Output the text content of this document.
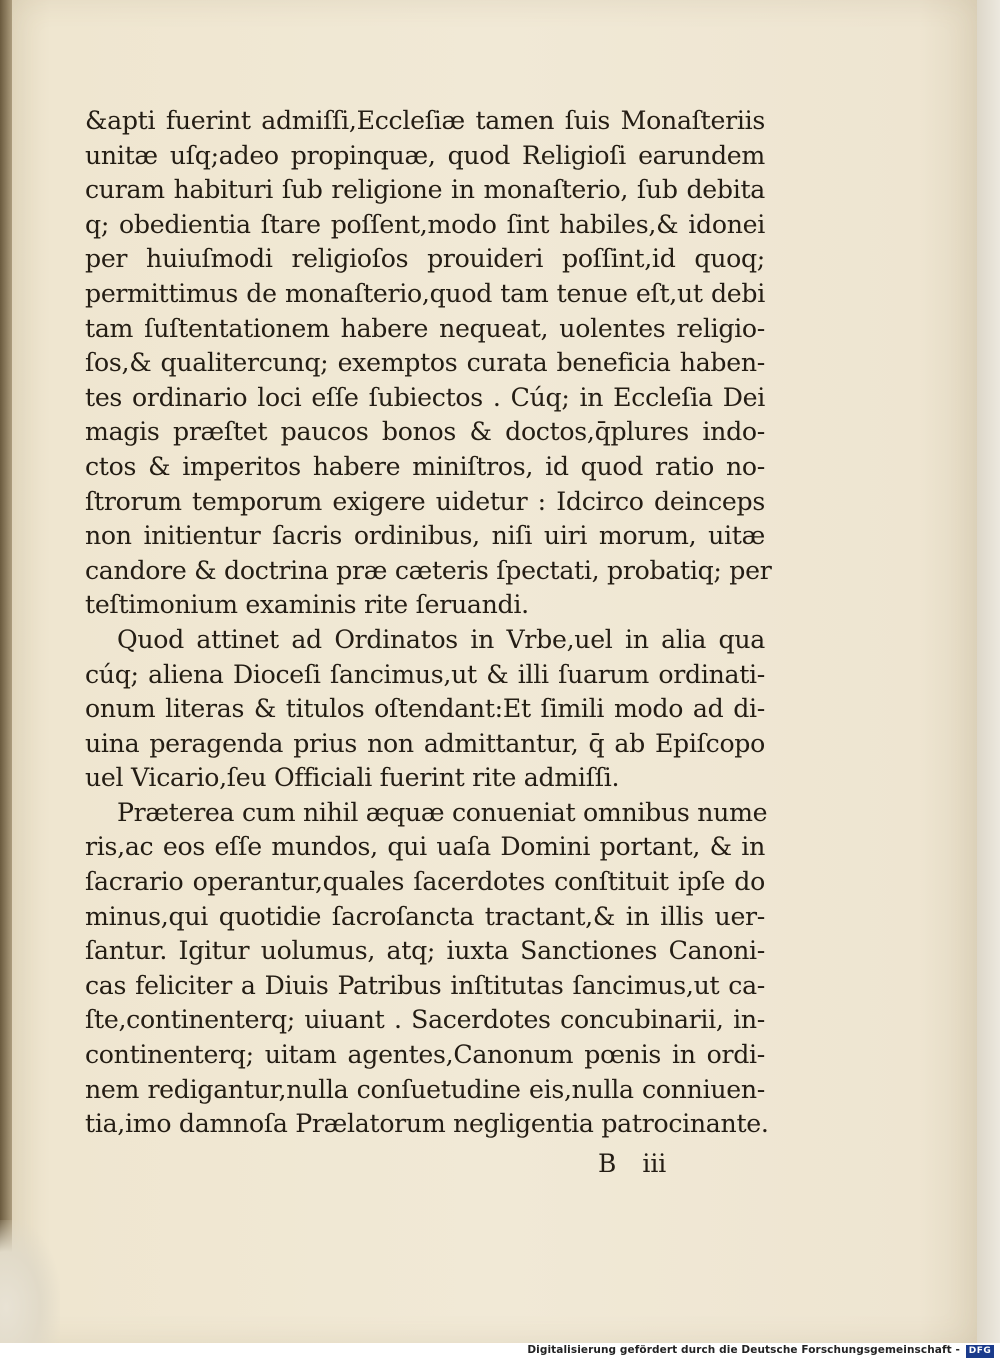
&apti fuerint admiſſi,Eccleſiæ tamen ſuis Monaſteriis
unitæ uſq;adeo propinquæ, quod Religioſi earundem
curam habituri ſub religione in monaſterio, ſub debita
q; obedientia ſtare poſſent,modo ſint habiles,& idonei
per huiuſmodi religioſos prouideri poſſint,id quoq;
permittimus de monaſterio,quod tam tenue eſt,ut debi
tam ſuſtentationem habere nequeat, uolentes religio-
ſos,& qualitercunq; exemptos curata beneficia haben-
tes ordinario loci eſſe ſubiectos . Cúq; in Eccleſia Dei
magis præſtet paucos bonos & doctos,q̄plures indo-
ctos & imperitos habere miniſtros, id quod ratio no-
ſtrorum temporum exigere uidetur : Idcirco deinceps
non initientur ſacris ordinibus, niſi uiri morum, uitæ
candore & doctrina præ cæteris ſpectati, probatiq; per
teſtimonium examinis rite ſeruandi.
Quod attinet ad Ordinatos in Vrbe,uel in alia qua
cúq; aliena Dioceſi ſancimus,ut & illi ſuarum ordinati-
onum literas & titulos oſtendant:Et ſimili modo ad di-
uina peragenda prius non admittantur, q̄ ab Epiſcopo
uel Vicario,ſeu Officiali fuerint rite admiſſi.
Præterea cum nihil æquæ conueniat omnibus nume
ris,ac eos eſſe mundos, qui uaſa Domini portant, & in
ſacrario operantur,quales ſacerdotes conſtituit ipſe do
minus,qui quotidie ſacroſancta tractant,& in illis uer-
ſantur. Igitur uolumus, atq; iuxta Sanctiones Canoni-
cas feliciter a Diuis Patribus inſtitutas ſancimus,ut ca-
ſte,continenterq; uiuant . Sacerdotes concubinarii, in-
continenterq; uitam agentes,Canonum pœnis in ordi-
nem redigantur,nulla conſuetudine eis,nulla conniuen-
tia,imo damnoſa Prælatorum negligentia patrocinante.
B iii
Digitalisierung gefördert durch die Deutsche Forschungsgemeinschaft - DFG
